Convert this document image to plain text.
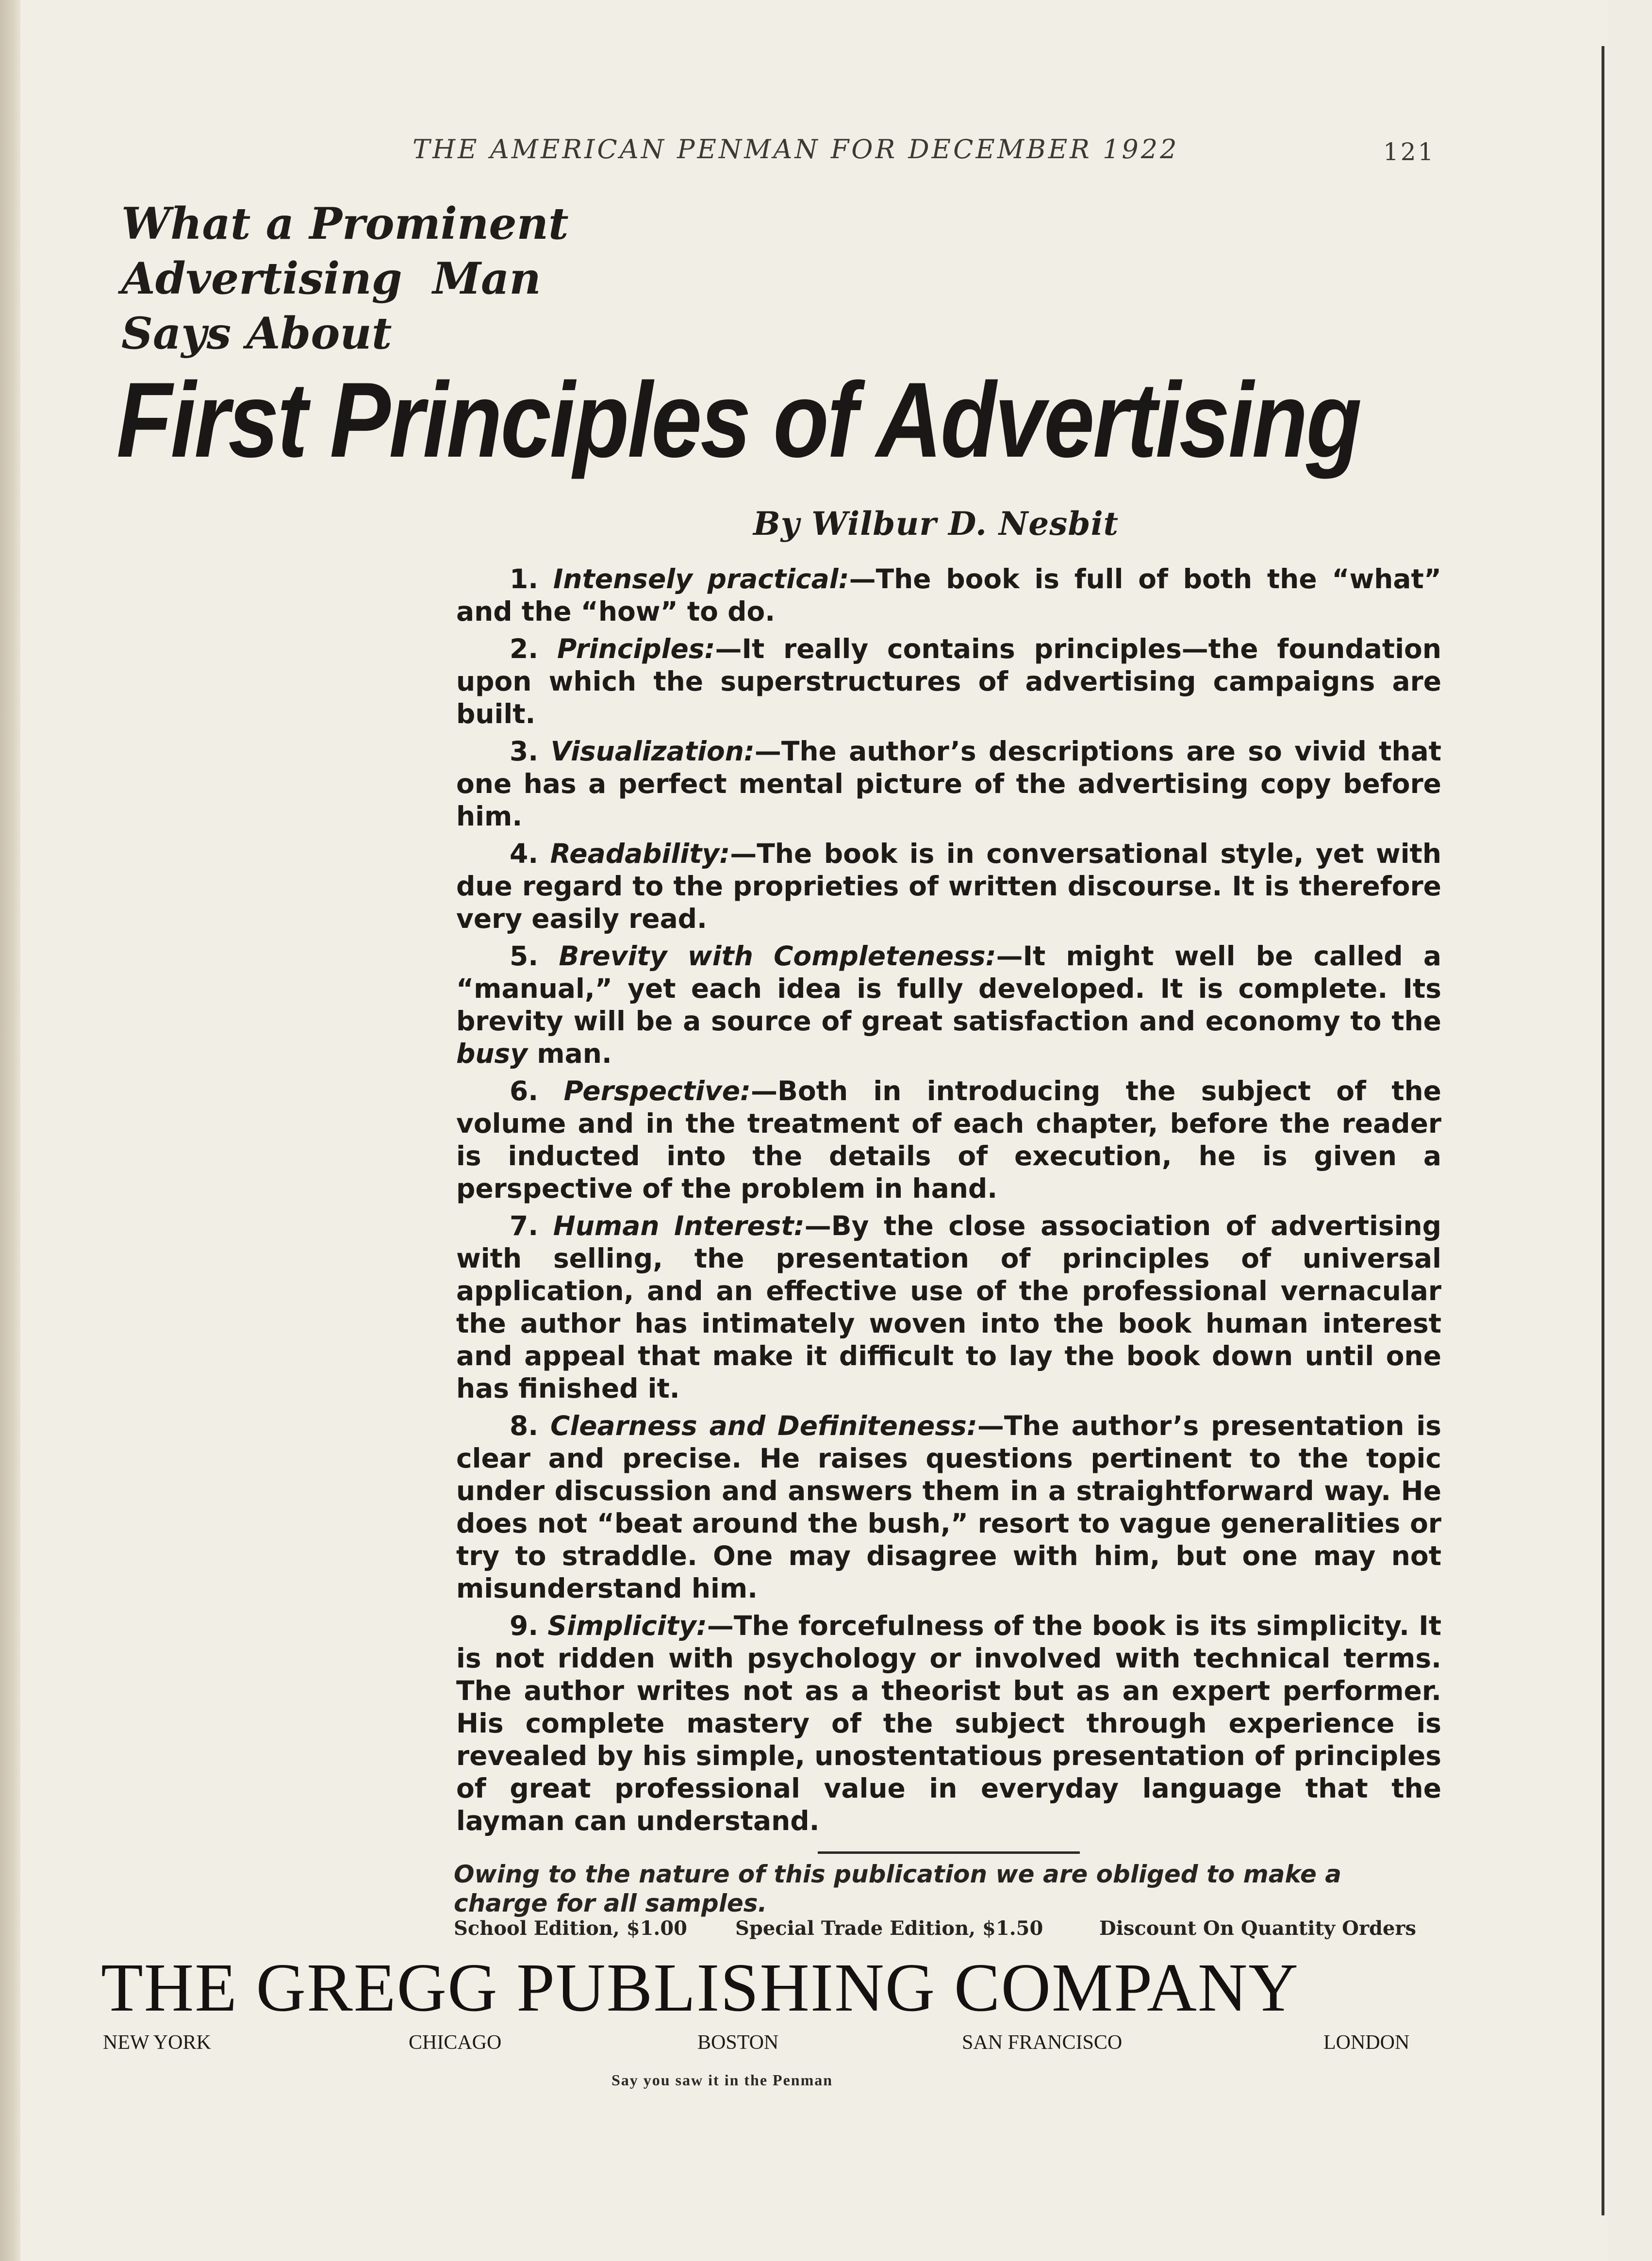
THE AMERICAN PENMAN FOR DECEMBER 1922	121
What a Prominent
Advertising  Man
Says About
First Principles of Advertising
By Wilbur D. Nesbit

1. Intensely practical:—The book is full of both the “what” and the “how” to do.

2. Principles:—It really contains principles—the foundation upon which the superstructures of advertising campaigns are built.

3. Visualization:—The author’s descriptions are so vivid that one has a perfect mental picture of the advertising copy before him.

4. Readability:—The book is in conversational style, yet with due regard to the proprieties of written discourse. It is therefore very easily read.

5. Brevity with Completeness:—It might well be called a “manual,” yet each idea is fully developed. It is complete. Its brevity will be a source of great satisfaction and economy to the busy man.

6. Perspective:—Both in introducing the subject of the volume and in the treatment of each chapter, before the reader is inducted into the details of execution, he is given a perspective of the problem in hand.

7. Human Interest:—By the close association of advertising with selling, the presentation of principles of universal application, and an effective use of the professional vernacular the author has intimately woven into the book human interest and appeal that make it difficult to lay the book down until one has finished it.

8. Clearness and Definiteness:—The author’s presentation is clear and precise. He raises questions pertinent to the topic under discussion and answers them in a straightforward way. He does not “beat around the bush,” resort to vague generalities or try to straddle. One may disagree with him, but one may not misunderstand him.

9. Simplicity:—The forcefulness of the book is its simplicity. It is not ridden with psychology or involved with technical terms. The author writes not as a theorist but as an expert performer. His complete mastery of the subject through experience is revealed by his simple, unostentatious presentation of principles of great professional value in everyday language that the layman can understand.

Owing to the nature of this publication we are obliged to make a charge for all samples.
School Edition, $1.00 Special Trade Edition, $1.50	Discount On Quantity Orders
THE GREGG PUBLISHING COMPANY
NEW YORK	CHICAGO	BOSTON	SAN FRANCISCO	LONDON
Say you saw it in the Penman
